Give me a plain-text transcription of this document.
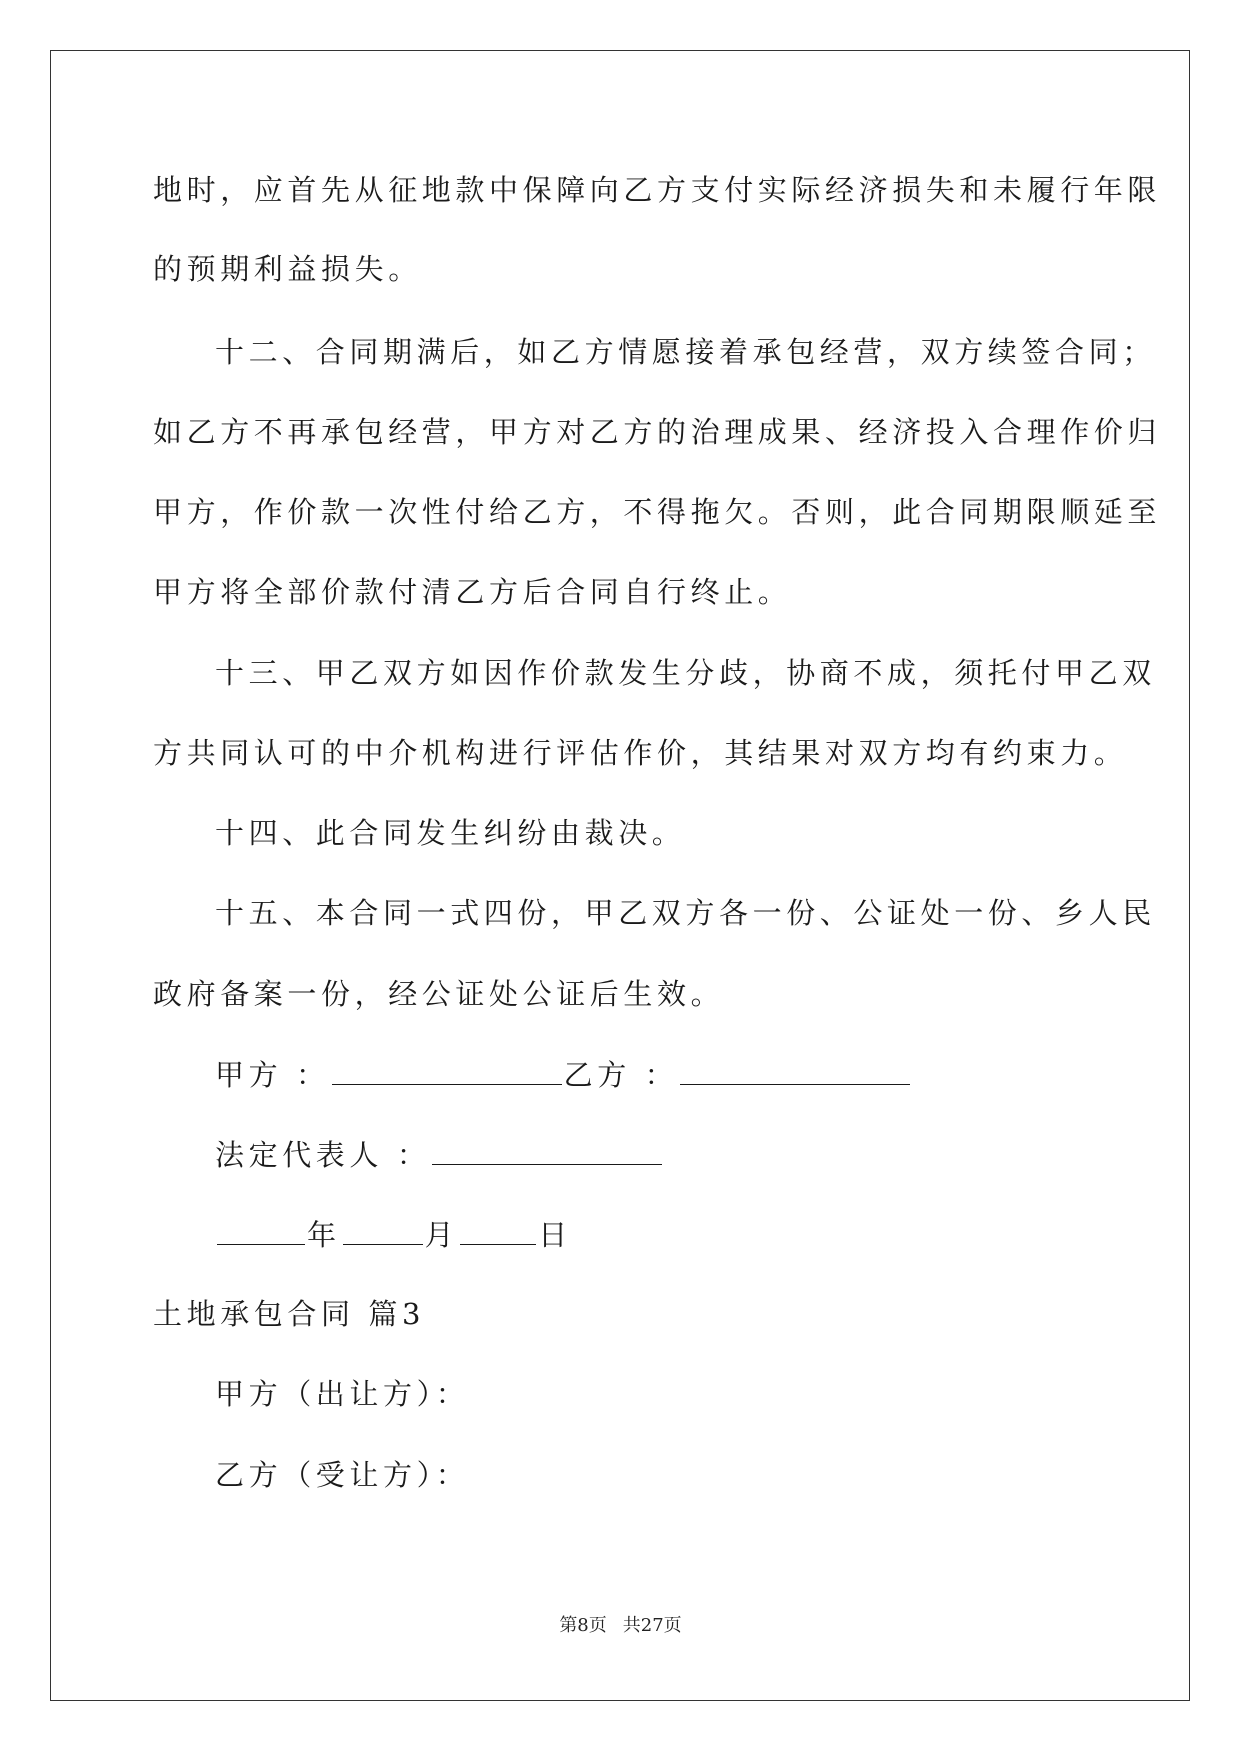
地时，应首先从征地款中保障向乙方支付实际经济损失和未履行年限
的预期利益损失。
十二、合同期满后，如乙方情愿接着承包经营，双方续签合同；
如乙方不再承包经营，甲方对乙方的治理成果、经济投入合理作价归
甲方，作价款一次性付给乙方，不得拖欠。否则，此合同期限顺延至
甲方将全部价款付清乙方后合同自行终止。
十三、甲乙双方如因作价款发生分歧，协商不成，须托付甲乙双
方共同认可的中介机构进行评估作价，其结果对双方均有约束力。
十四、此合同发生纠纷由裁决。
十五、本合同一式四份，甲乙双方各一份、公证处一份、乡人民
政府备案一份，经公证处公证后生效。
甲方 ：	乙方 ：
法定代表人 ：
年	月	日
土地承包合同 篇3
甲方（出让方）：
乙方（受让方）：
第8页 共27页
